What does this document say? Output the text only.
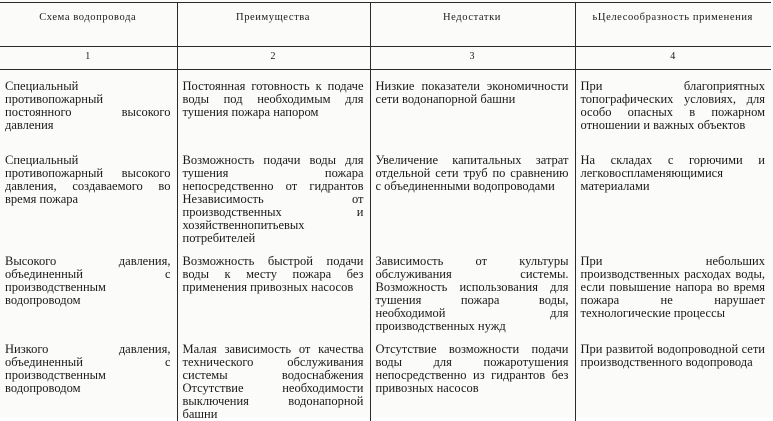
Схема водопровода	Преимущества	Недостатки	ьЦелесообразность применения
1	2	3	4
Специальный противопожарный постоянного высокого давления	Постоянная готовность к подаче воды под необходимым для тушения пожара напором	Низкие показатели экономичности сети водонапорной башни	При благоприятных топографических условиях, для особо опасных в пожарном отношении и важных объектов
Специальный противопожарный высокого давления, создаваемого во время пожара	Возможность подачи воды для тушения пожара непосредственно от гидрантов Независимость от производственных и хозяйственнопитьевых потребителей	Увеличение капитальных затрат отдельной сети труб по сравнению с объединенными водопроводами	На складах с горючими и легковоспламеняющимися материалами
Высокого давления, объединенный с производственным водопроводом	Возможность быстрой подачи воды к месту пожара без применения привозных насосов	Зависимость от культуры обслуживания системы. Возможность использования для тушения пожара воды, необходимой для производственных нужд	При небольших производственных расходах воды, если повышение напора во время пожара не нарушает технологические процессы
Низкого давления, объединенный с производственным водопроводом	Малая зависимость от качества технического обслуживания системы водоснабжения Отсутствие необходимости выключения водонапорной башни	Отсутствие возможности подачи воды для пожаротушения непосредственно из гидрантов без привозных насосов	При развитой водопроводной сети производственного водопровода
